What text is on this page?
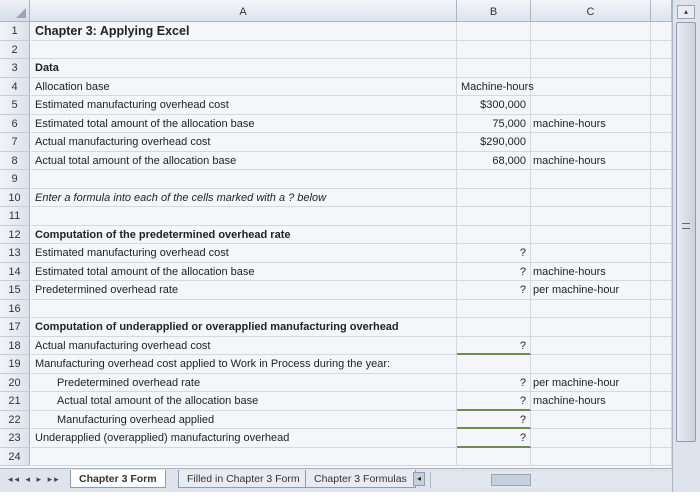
A	B	C
1	Chapter 3: Applying Excel
2
3	Data
4	Allocation base	Machine-hours
5	Estimated manufacturing overhead cost	$300,000
6	Estimated total amount of the allocation base	75,000 machine-hours
7	Actual manufacturing overhead cost	$290,000
8	Actual total amount of the allocation base	68,000 machine-hours
9
10	Enter a formula into each of the cells marked with a ? below
11
12	Computation of the predetermined overhead rate
13	Estimated manufacturing overhead cost	?
14	Estimated total amount of the allocation base	? machine-hours
15	Predetermined overhead rate	? per machine-hour
16
17	Computation of underapplied or overapplied manufacturing overhead
18	Actual manufacturing overhead cost	?
19	Manufacturing overhead cost applied to Work in Process during the year:
20	Predetermined overhead rate	? per machine-hour
21	Actual total amount of the allocation base	? machine-hours
22	Manufacturing overhead applied	?
23	Underapplied (overapplied) manufacturing overhead	?
24
▴
◂◂ ◂ ▸ ▸▸	Chapter 3 Form	Filled in Chapter 3 Form	Chapter 3 Formulas	◂
